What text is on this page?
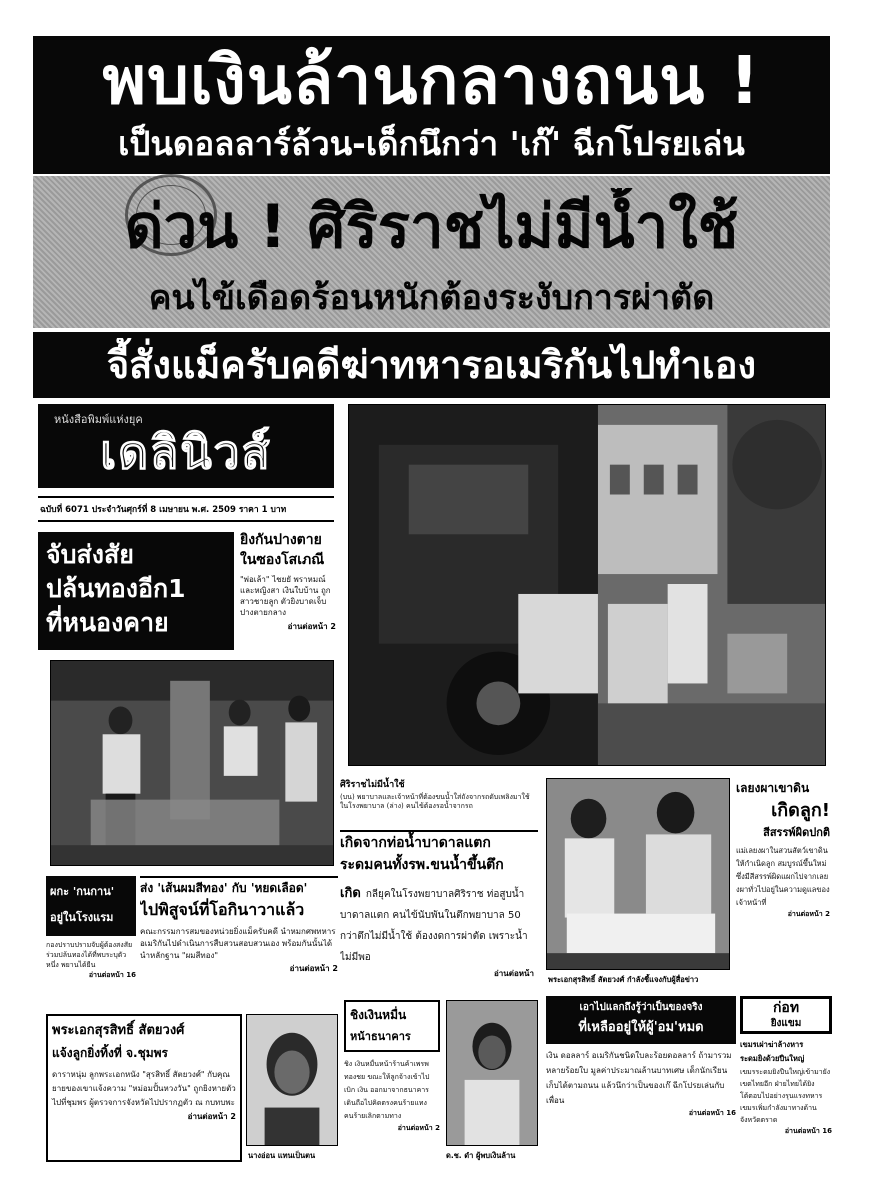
พบเงินล้านกลางถนน !
เป็นดอลลาร์ล้วน-เด็กนึกว่า 'เก๊' ฉีกโปรยเล่น
ด่วน ! ศิริราชไม่มีน้ำใช้
คนไข้เดือดร้อนหนักต้องระงับการผ่าตัด
จี้สั่งแม็ครับคดีฆ่าทหารอเมริกันไปทำเอง
หนังสือพิมพ์แห่งยุค
เดลินิวส์
ฉบับที่ 6071 ประจำวันศุกร์ที่ 8 เมษายน พ.ศ. 2509 ราคา 1 บาท
จับส่งสัย
ปล้นทองอีก1
ที่หนองคาย
ยิงกันปางตาย ในซองโสเภณี
"พ่อเล้า" ไชยยั พราหมณ์และหญิงสา เงินใบบ้าน ถูกสาวชายลูก ตัวยิงบาดเจ็บปางตายกลาง
อ่านต่อหน้า 2
ศิริราชไม่มีน้ำใช้
(บน) พยาบาลและเจ้าหน้าที่ต้องขนน้ำใส่ถังจากรถดับเพลิงมาใช้ในโรงพยาบาล (ล่าง) คนไข้ต้องรอน้ำจากรถ
เกิดจากท่อน้ำบาดาลแตก
ระดมคนทั้งรพ.ขนน้ำขึ้นตึก
เกิด กลียุคในโรงพยาบาลศิริราช ท่อสูบน้ำบาดาลแตก คนไข้นับพันในตึกพยาบาล 50 กว่าตึกไม่มีน้ำใช้ ต้องงดการผ่าตัด เพราะน้ำไม่มีพอ
อ่านต่อหน้า
ส่ง 'เส้นผมสีทอง' กับ 'หยดเลือด'
ไปพิสูจน์ที่โอกินาวาแล้ว
คณะกรรมการสมของหน่วยยิ่งแม็ครับคดี นำหมกศพทหารอเมริกันไปดำเนินการสืบสวนสอบสวนเอง พร้อมกันนั้นได้นำหลักฐาน "ผมสีทอง"
อ่านต่อหน้า 2
ผกะ 'กนกาน'
อยู่ในโรงแรม
กองปราบปรามจับผู้ต้องสงสัยร่วมปล้นทองได้ที่พบระบุตัวหนึ่ง พยานได้ยืน
อ่านต่อหน้า 16	พระเอกสุรสิทธิ์ สัตยวงศ์ กำลังชี้แจงกับผู้สื่อข่าว
เลยงผาเขาดิน
เกิดลูก!
สีสรรพ์ผิดปกติ
แม่เลยงผาในสวนสัตว์เขาดินให้กำเนิดลูก สมบูรณ์ขึ้นใหม่ ซึ่งมีสีสรรพ์ผิดแผกไปจากเลยงผาทั่วไปอยู่ในความดูแลของเจ้าหน้าที่
อ่านต่อหน้า 2
พระเอกสุรสิทธิ์ สัตยวงศ์
แจ้งลูกยิ่งทิ้งที่ จ.ชุมพร
ดาราหนุ่ม ลูกพระเอกหนัง "สุรสิทธิ์ สัตยวงศ์" กับคุณยายของเขาแจ้งความ "หม่อมปั้นหวงวัน" ถูกยิงหายตัวไปที่ชุมพร ผู้ตรวจการจังหวัดไปปรากฏตัว ณ กบทบพะ
อ่านต่อหน้า 2
นางอ่อน แทนเป็นตน
ชิงเงินหมื่น
หน้าธนาคาร
ชิง เงินหมื่นหน้าร้านค้าเพรพทองชย ขณะให้ลูกจ้างเข้าไปเบิก เงิน ออกมาจากธนาคาร เดินถือไปคิดตรงคนร้ายแทง คนร้ายเลิกตามทาง
อ่านต่อหน้า 2
ด.ช. ดำ ผู้พบเงินล้าน
เอาไปแลกถึงรู้ว่าเป็นของจริง
ที่เหลืออยู่ให้ผู้'อม'หมด
เงิน ดอลลาร์ อเมริกันชนิดใบละร้อยดอลลาร์ ถ้ามารวมหลายร้อยใบ มูลค่าประมาณล้านบาทเศษ เด็กนักเรียนเก็บได้ตามถนน แล้วนึกว่าเป็นของเก๊ ฉีกโปรยเล่นกับเพื่อน
อ่านต่อหน้า 16
ก่อท
ยิงแขม
เขมรเผ่าฆ่าล้างหาร
ระดมยิงด้วยปืนใหญ่
เขมรระดมยิงปืนใหญ่เข้ามายังเขตไทยอีก ฝ่ายไทยได้ยิงโต้ตอบไปอย่างรุนแรงทหารเขมรเพิ่มกำลังมาทางด้านจังหวัดตราด
อ่านต่อหน้า 16
